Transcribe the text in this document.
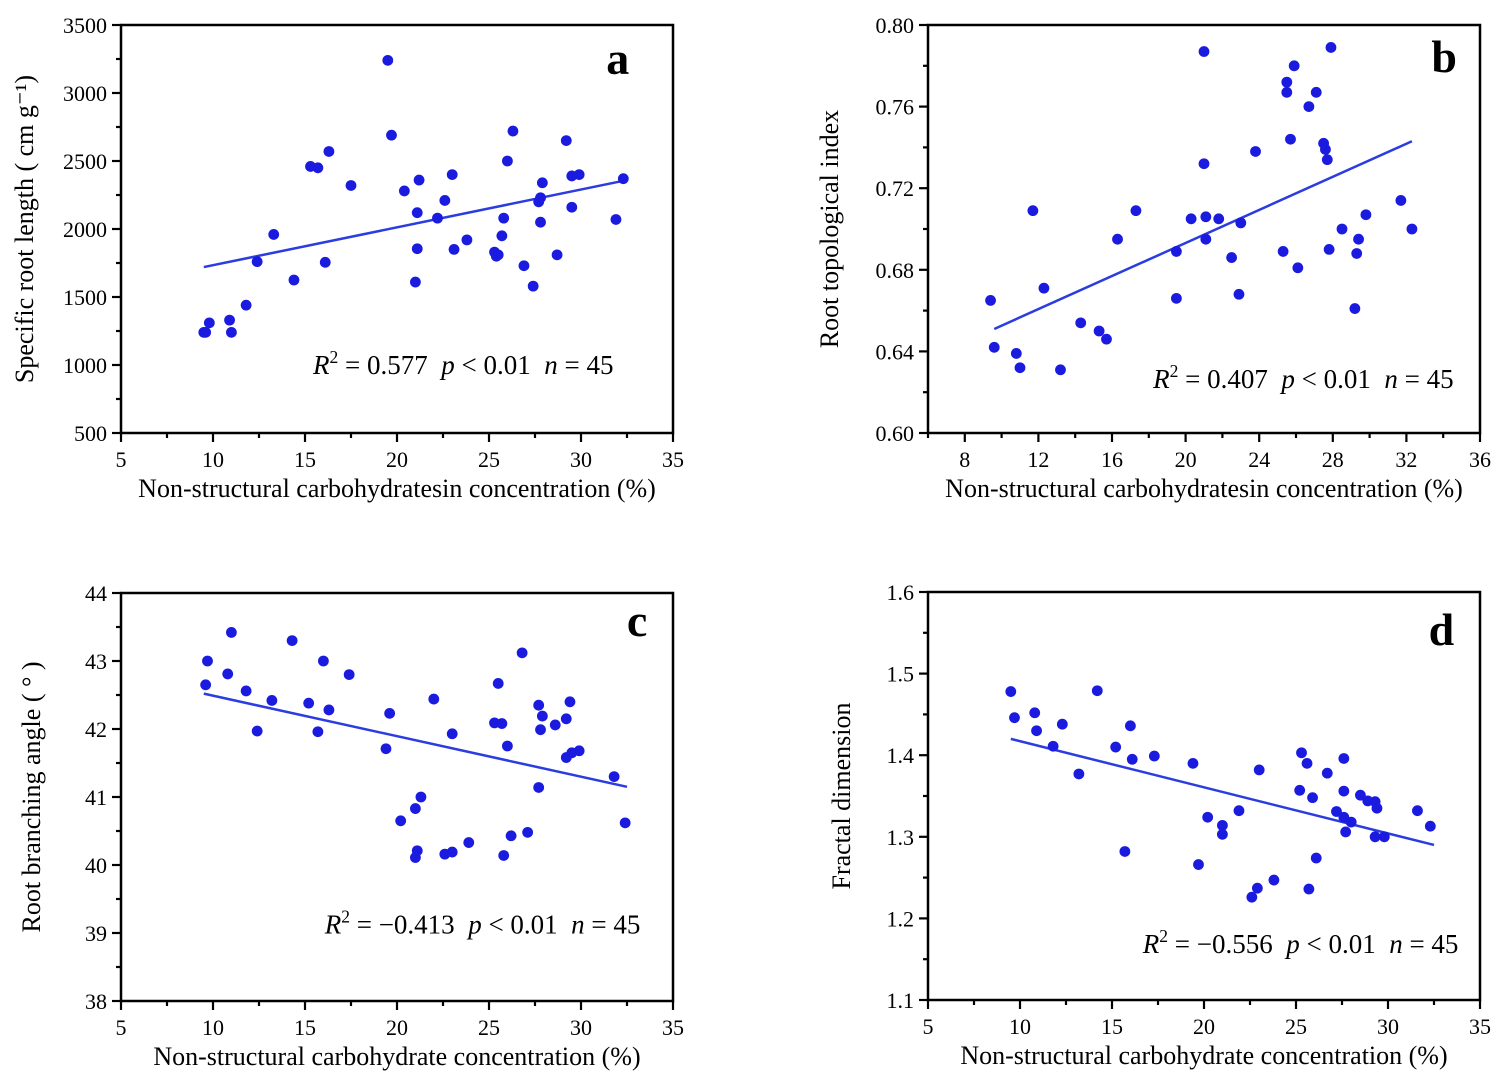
5	10	15	20	25	30	35
500
1000
1500
2000
2500
3000
3500
$R^2 = 0.577$ p < 0.01 n = 45
a
Non-structural carbohydratesin concentration (%)
Specific root length ( cm g⁻¹)
8	12 16 20 24 28 32 36
0.60
0.64
0.68
0.72
0.76
0.80
$R^2 = 0.407$ p < 0.01 n = 45
b
Non-structural carbohydratesin concentration (%)
Root topological index
5	10	15	20	25	30	35
38
39
40
41
42
43
44
$R^2 = -0.413$ p < 0.01 n = 45
c
Non-structural carbohydrate concentration (%)
Root branching angle ( ° )
5	10	15	20	25	30	35
1.1
1.2
1.3
1.4
1.5
1.6
$R^2 = -0.556$ p < 0.01 n = 45
d
Non-structural carbohydrate concentration (%)
Fractal dimension
